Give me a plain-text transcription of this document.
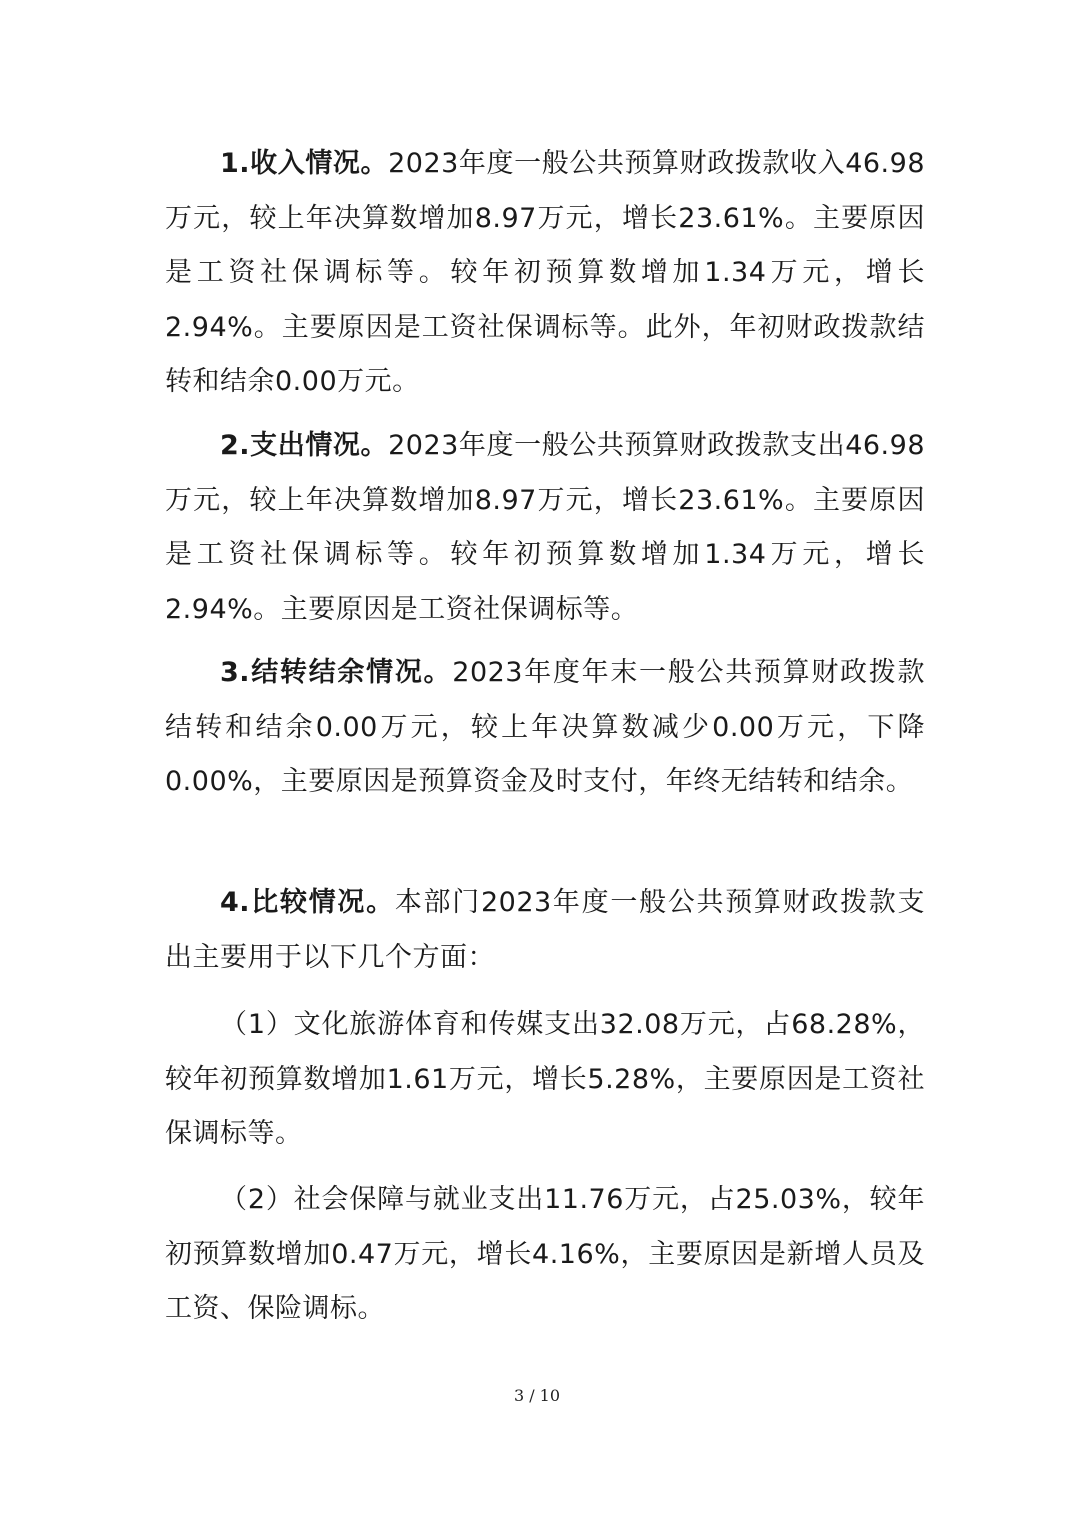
1.收入情况。2023年度一般公共预算财政拨款收入46.98万元，较上年决算数增加8.97万元，增长23.61%。主要原因是工资社保调标等。较年初预算数增加1.34万元，增长2.94%。主要原因是工资社保调标等。此外，年初财政拨款结转和结余0.00万元。

2.支出情况。2023年度一般公共预算财政拨款支出46.98万元，较上年决算数增加8.97万元，增长23.61%。主要原因是工资社保调标等。较年初预算数增加1.34万元，增长2.94%。主要原因是工资社保调标等。

3.结转结余情况。2023年度年末一般公共预算财政拨款结转和结余0.00万元，较上年决算数减少0.00万元，下降0.00%，主要原因是预算资金及时支付，年终无结转和结余。

4.比较情况。本部门2023年度一般公共预算财政拨款支出主要用于以下几个方面：

（1）文化旅游体育和传媒支出32.08万元，占68.28%，较年初预算数增加1.61万元，增长5.28%，主要原因是工资社保调标等。

（2）社会保障与就业支出11.76万元，占25.03%，较年初预算数增加0.47万元，增长4.16%，主要原因是新增人员及工资、保险调标。

3 / 10
